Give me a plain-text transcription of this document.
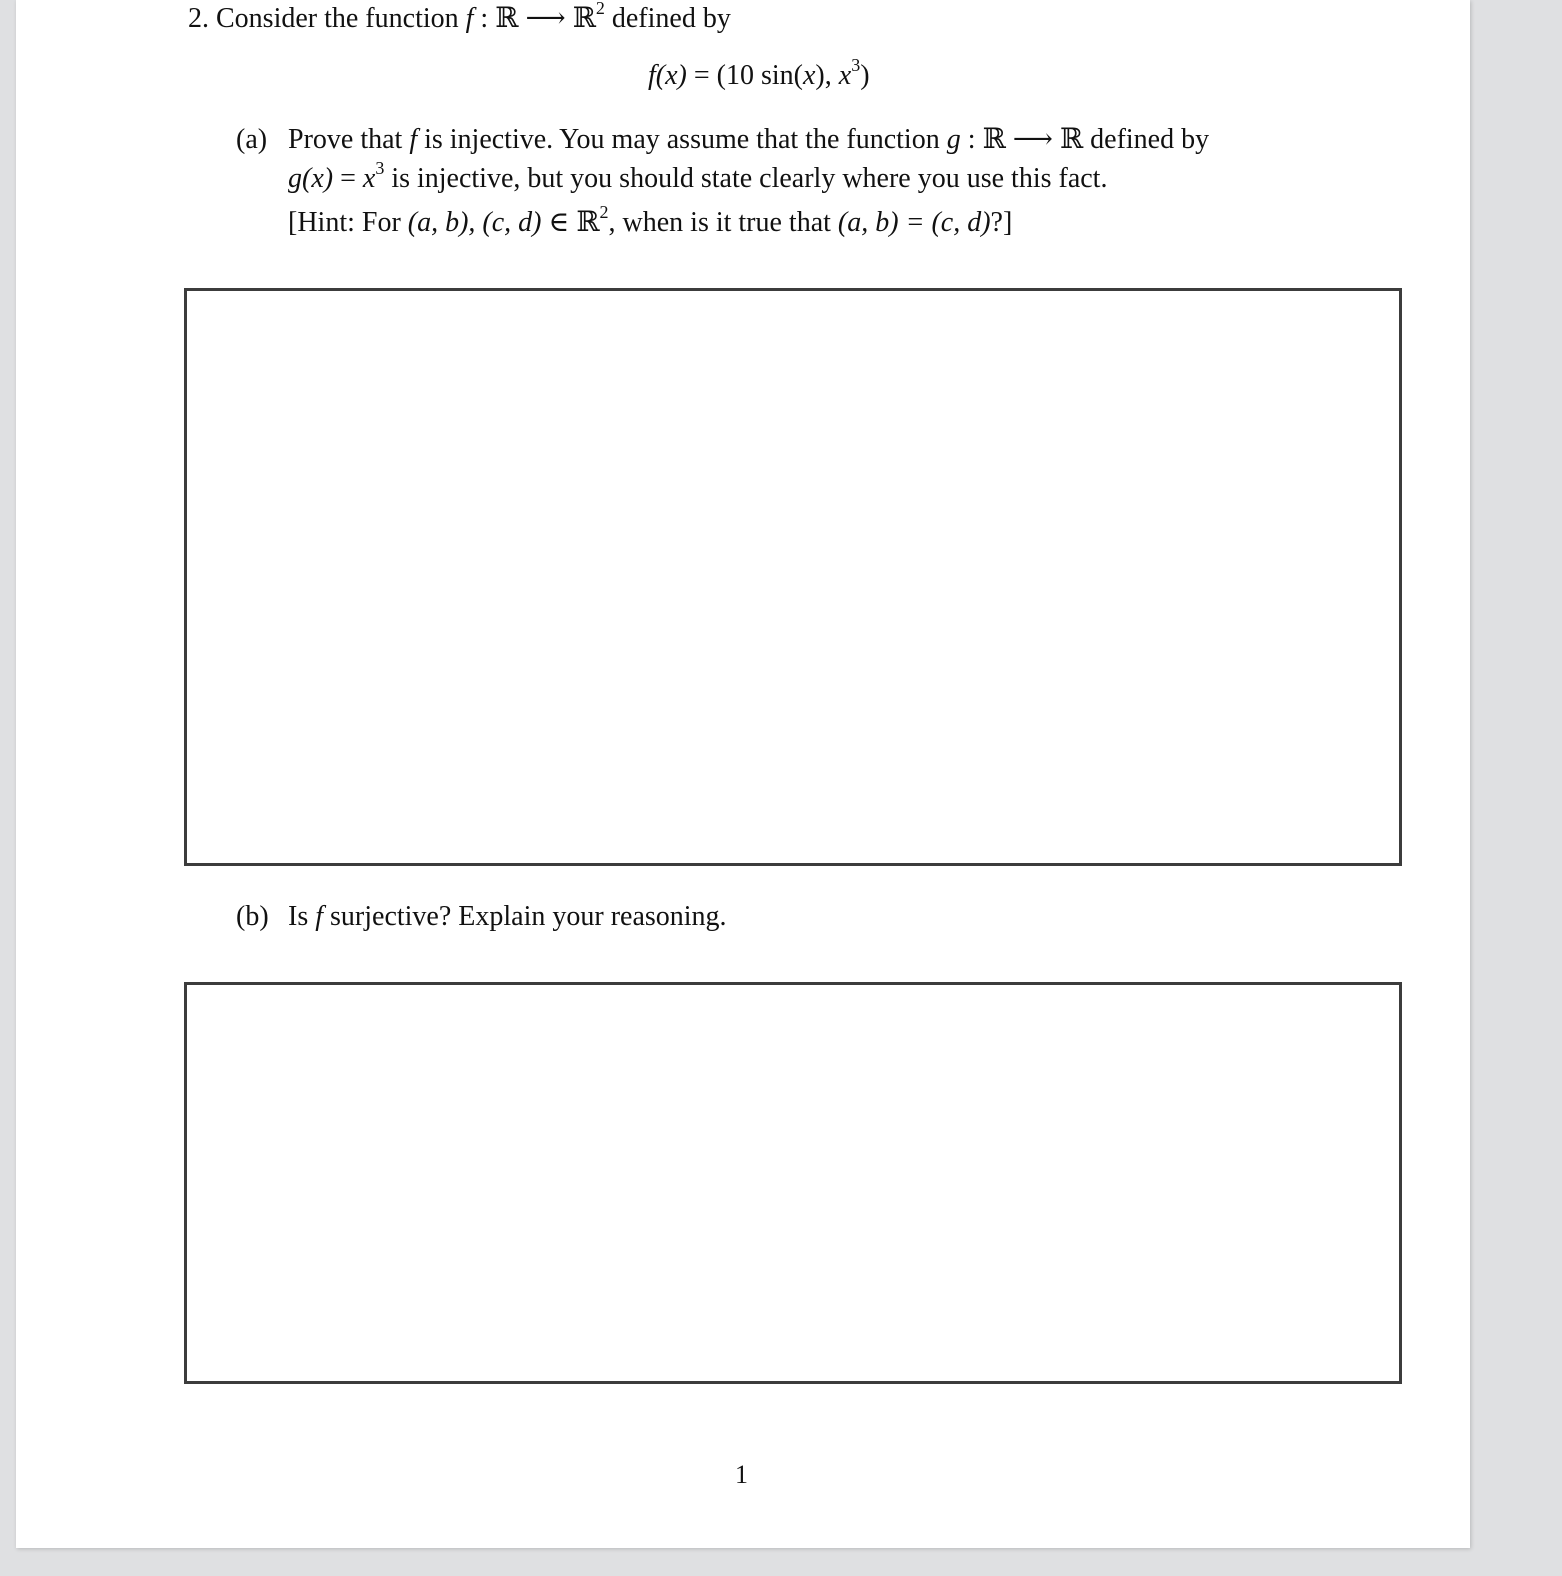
2. Consider the function f : ℝ ⟶ ℝ$^2$ defined by
f(x) = (10 sin(x), $x^3$)
(a) Prove that f is injective. You may assume that the function g : ℝ ⟶ ℝ defined by
$g(x) = x^3$ is injective, but you should state clearly where you use this fact.
[Hint: For (a, b), (c, d) ∈ ℝ$^2$, when is it true that (a, b) = (c, d)?]
(b) Is f surjective? Explain your reasoning.
1
